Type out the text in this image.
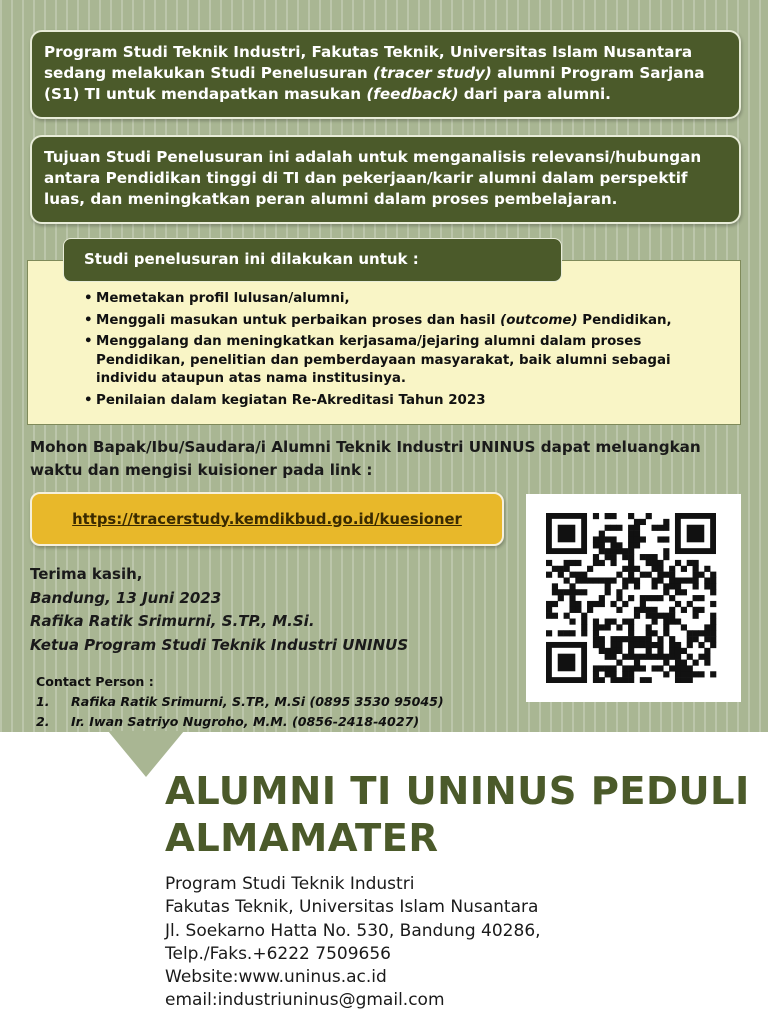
Program Studi Teknik Industri, Fakutas Teknik, Universitas Islam Nusantara sedang melakukan Studi Penelusuran (tracer study) alumni Program Sarjana (S1) TI untuk mendapatkan masukan (feedback) dari para alumni.
Tujuan Studi Penelusuran ini adalah untuk menganalisis relevansi/hubungan antara Pendidikan tinggi di TI dan pekerjaan/karir alumni dalam perspektif luas, dan meningkatkan peran alumni dalam proses pembelajaran.
Studi penelusuran ini dilakukan untuk :
• Memetakan profil lulusan/alumni,
• Menggali masukan untuk perbaikan proses dan hasil (outcome) Pendidikan,
• Menggalang dan meningkatkan kerjasama/jejaring alumni dalam proses Pendidikan, penelitian dan pemberdayaan masyarakat, baik alumni sebagai individu ataupun atas nama institusinya.
• Penilaian dalam kegiatan Re-Akreditasi Tahun 2023
Mohon Bapak/Ibu/Saudara/i Alumni Teknik Industri UNINUS dapat meluangkan waktu dan mengisi kuisioner pada link :
https://tracerstudy.kemdikbud.go.id/kuesioner
Terima kasih,
Bandung, 13 Juni 2023
Rafika Ratik Srimurni, S.TP., M.Si.
Ketua Program Studi Teknik Industri UNINUS
Contact Person :
1.	Rafika Ratik Srimurni, S.TP., M.Si (0895 3530 95045)
2.	Ir. Iwan Satriyo Nugroho, M.M. (0856-2418-4027)
ALUMNI TI UNINUS PEDULI
ALMAMATER
Program Studi Teknik Industri
Fakutas Teknik, Universitas Islam Nusantara
Jl. Soekarno Hatta No. 530, Bandung 40286,
Telp./Faks.+6222 7509656
Website:www.uninus.ac.id
email:industriuninus@gmail.com
